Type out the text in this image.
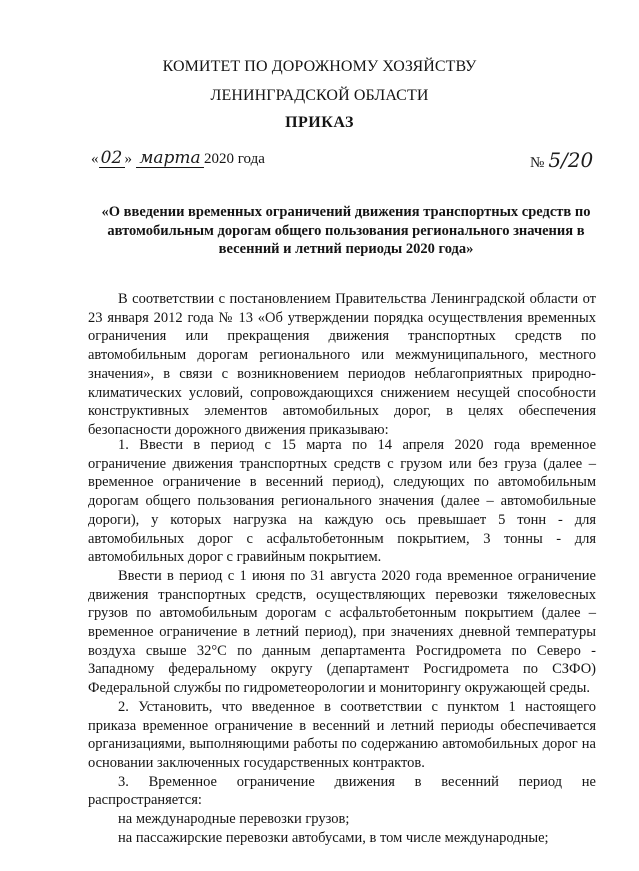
КОМИТЕТ ПО ДОРОЖНОМУ ХОЗЯЙСТВУ
ЛЕНИНГРАДСКОЙ ОБЛАСТИ
ПРИКАЗ
« 02 » марта 2020 года	№ 5/20
«О введении временных ограничений движения транспортных средств по автомобильным дорогам общего пользования регионального значения в весенний и летний периоды 2020 года»

В соответствии с постановлением Правительства Ленинградской области от 23 января 2012 года № 13 «Об утверждении порядка осуществления временных ограничения или прекращения движения транспортных средств по автомобильным дорогам регионального или межмуниципального, местного значения», в связи с возникновением периодов неблагоприятных природно-климатических условий, сопровождающихся снижением несущей способности конструктивных элементов автомобильных дорог, в целях обеспечения безопасности дорожного движения приказываю:

1. Ввести в период с 15 марта по 14 апреля 2020 года временное ограничение движения транспортных средств с грузом или без груза (далее – временное ограничение в весенний период), следующих по автомобильным дорогам общего пользования регионального значения (далее – автомобильные дороги), у которых нагрузка на каждую ось превышает 5 тонн - для автомобильных дорог с асфальтобетонным покрытием, 3 тонны - для автомобильных дорог с гравийным покрытием.

Ввести в период с 1 июня по 31 августа 2020 года временное ограничение движения транспортных средств, осуществляющих перевозки тяжеловесных грузов по автомобильным дорогам с асфальтобетонным покрытием (далее – временное ограничение в летний период), при значениях дневной температуры воздуха свыше 32°С по данным департамента Росгидромета по Северо - Западному федеральному округу (департамент Росгидромета по СЗФО) Федеральной службы по гидрометеорологии и мониторингу окружающей среды.

2. Установить, что введенное в соответствии с пунктом 1 настоящего приказа временное ограничение в весенний и летний периоды обеспечивается организациями, выполняющими работы по содержанию автомобильных дорог на основании заключенных государственных контрактов.

3. Временное ограничение движения в весенний период не распространяется:

на международные перевозки грузов;

на пассажирские перевозки автобусами, в том числе международные;
